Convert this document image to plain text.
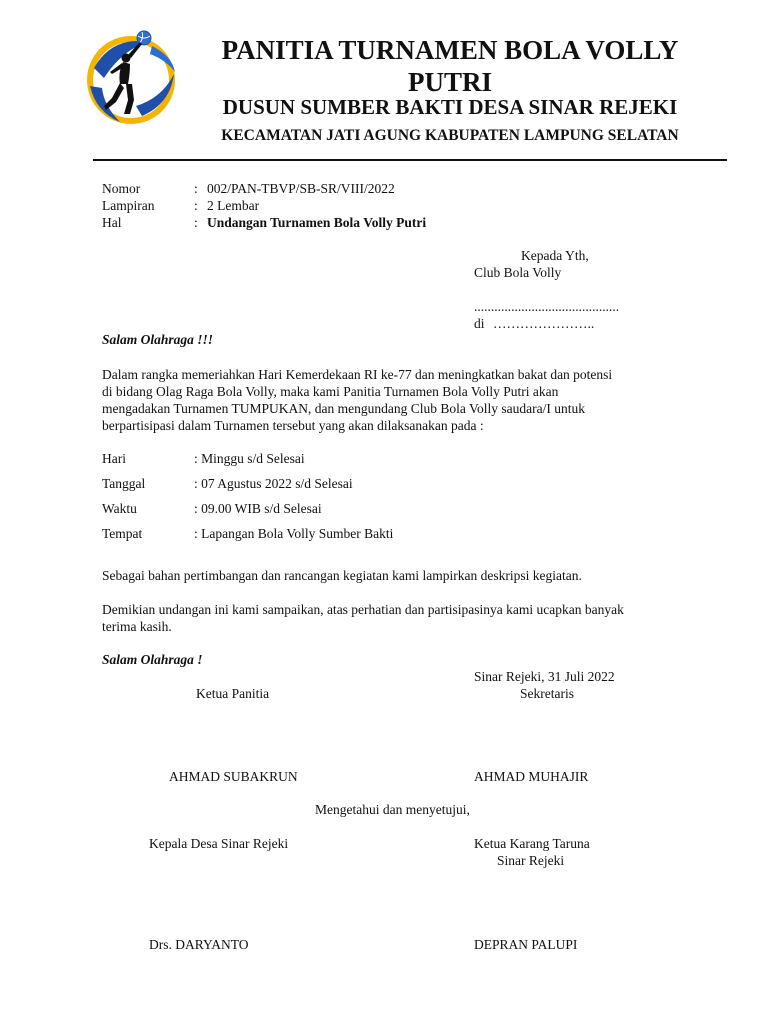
PANITIA TURNAMEN BOLA VOLLY
PUTRI
DUSUN SUMBER BAKTI DESA SINAR REJEKI
KECAMATAN JATI AGUNG KABUPATEN LAMPUNG SELATAN
Nomor	: 002/PAN-TBVP/SB-SR/VIII/2022
Lampiran	: 2 Lembar
Hal	: Undangan Turnamen Bola Volly Putri
Kepada Yth,
Club Bola Volly
...........................................
di …………………..
Salam Olahraga !!!
Dalam rangka memeriahkan Hari Kemerdekaan RI ke-77 dan meningkatkan bakat dan potensi
di bidang Olag Raga Bola Volly, maka kami Panitia Turnamen Bola Volly Putri akan
mengadakan Turnamen TUMPUKAN, dan mengundang Club Bola Volly saudara/I untuk
berpartisipasi dalam Turnamen tersebut yang akan dilaksanakan pada :
Hari	: Minggu s/d Selesai
Tanggal	: 07 Agustus 2022 s/d Selesai
Waktu	: 09.00 WIB s/d Selesai
Tempat	: Lapangan Bola Volly Sumber Bakti
Sebagai bahan pertimbangan dan rancangan kegiatan kami lampirkan deskripsi kegiatan.
Demikian undangan ini kami sampaikan, atas perhatian dan partisipasinya kami ucapkan banyak
terima kasih.
Salam Olahraga !
Sinar Rejeki, 31 Juli 2022
Ketua Panitia	Sekretaris
AHMAD SUBAKRUN	AHMAD MUHAJIR
Mengetahui dan menyetujui,
Kepala Desa Sinar Rejeki	Ketua Karang Taruna
Sinar Rejeki
Drs. DARYANTO	DEPRAN PALUPI
